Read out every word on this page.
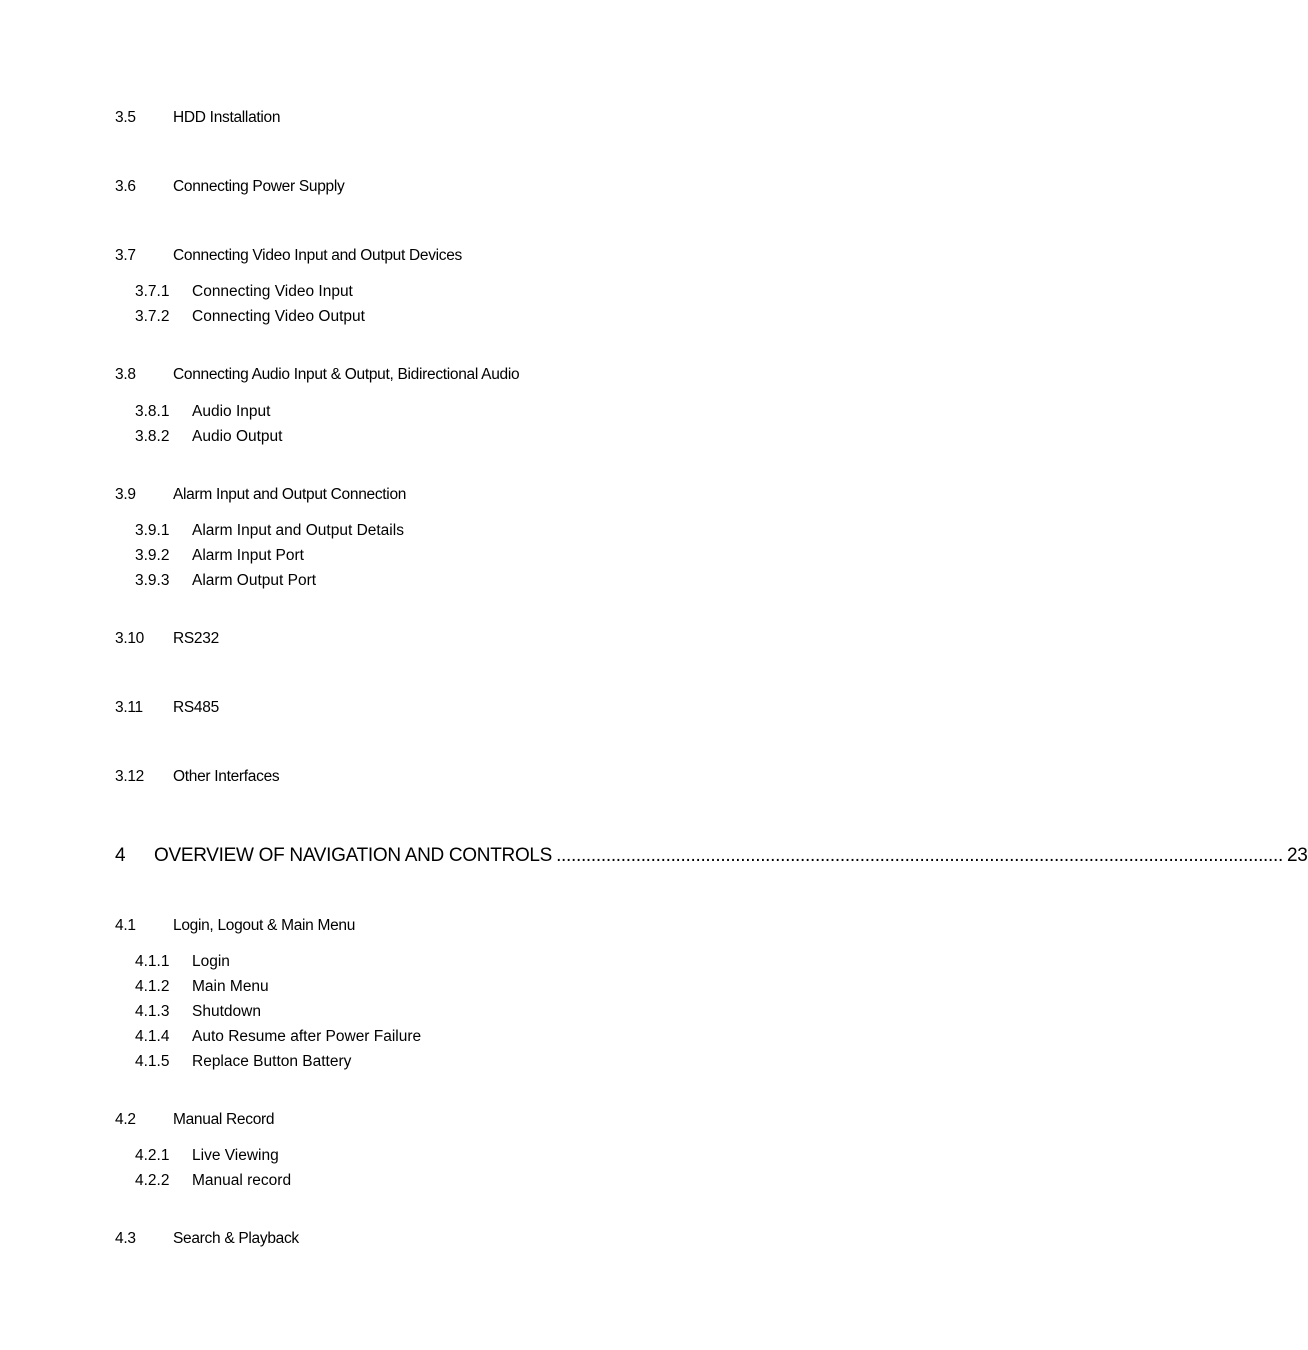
3.5 HDD Installation
3.6 Connecting Power Supply
3.7 Connecting Video Input and Output Devices
3.7.1 Connecting Video Input
3.7.2 Connecting Video Output
3.8 Connecting Audio Input & Output, Bidirectional Audio
3.8.1 Audio Input
3.8.2 Audio Output
3.9 Alarm Input and Output Connection
3.9.1 Alarm Input and Output Details
3.9.2 Alarm Input Port
3.9.3 Alarm Output Port
3.10 RS232
3.11 RS485
3.12 Other Interfaces
4	OVERVIEW OF NAVIGATION AND CONTROLS .................................................................................................................................................. 23
4.1 Login, Logout & Main Menu
4.1.1 Login
4.1.2 Main Menu
4.1.3 Shutdown
4.1.4 Auto Resume after Power Failure
4.1.5 Replace Button Battery
4.2 Manual Record
4.2.1 Live Viewing
4.2.2 Manual record
4.3 Search & Playback
